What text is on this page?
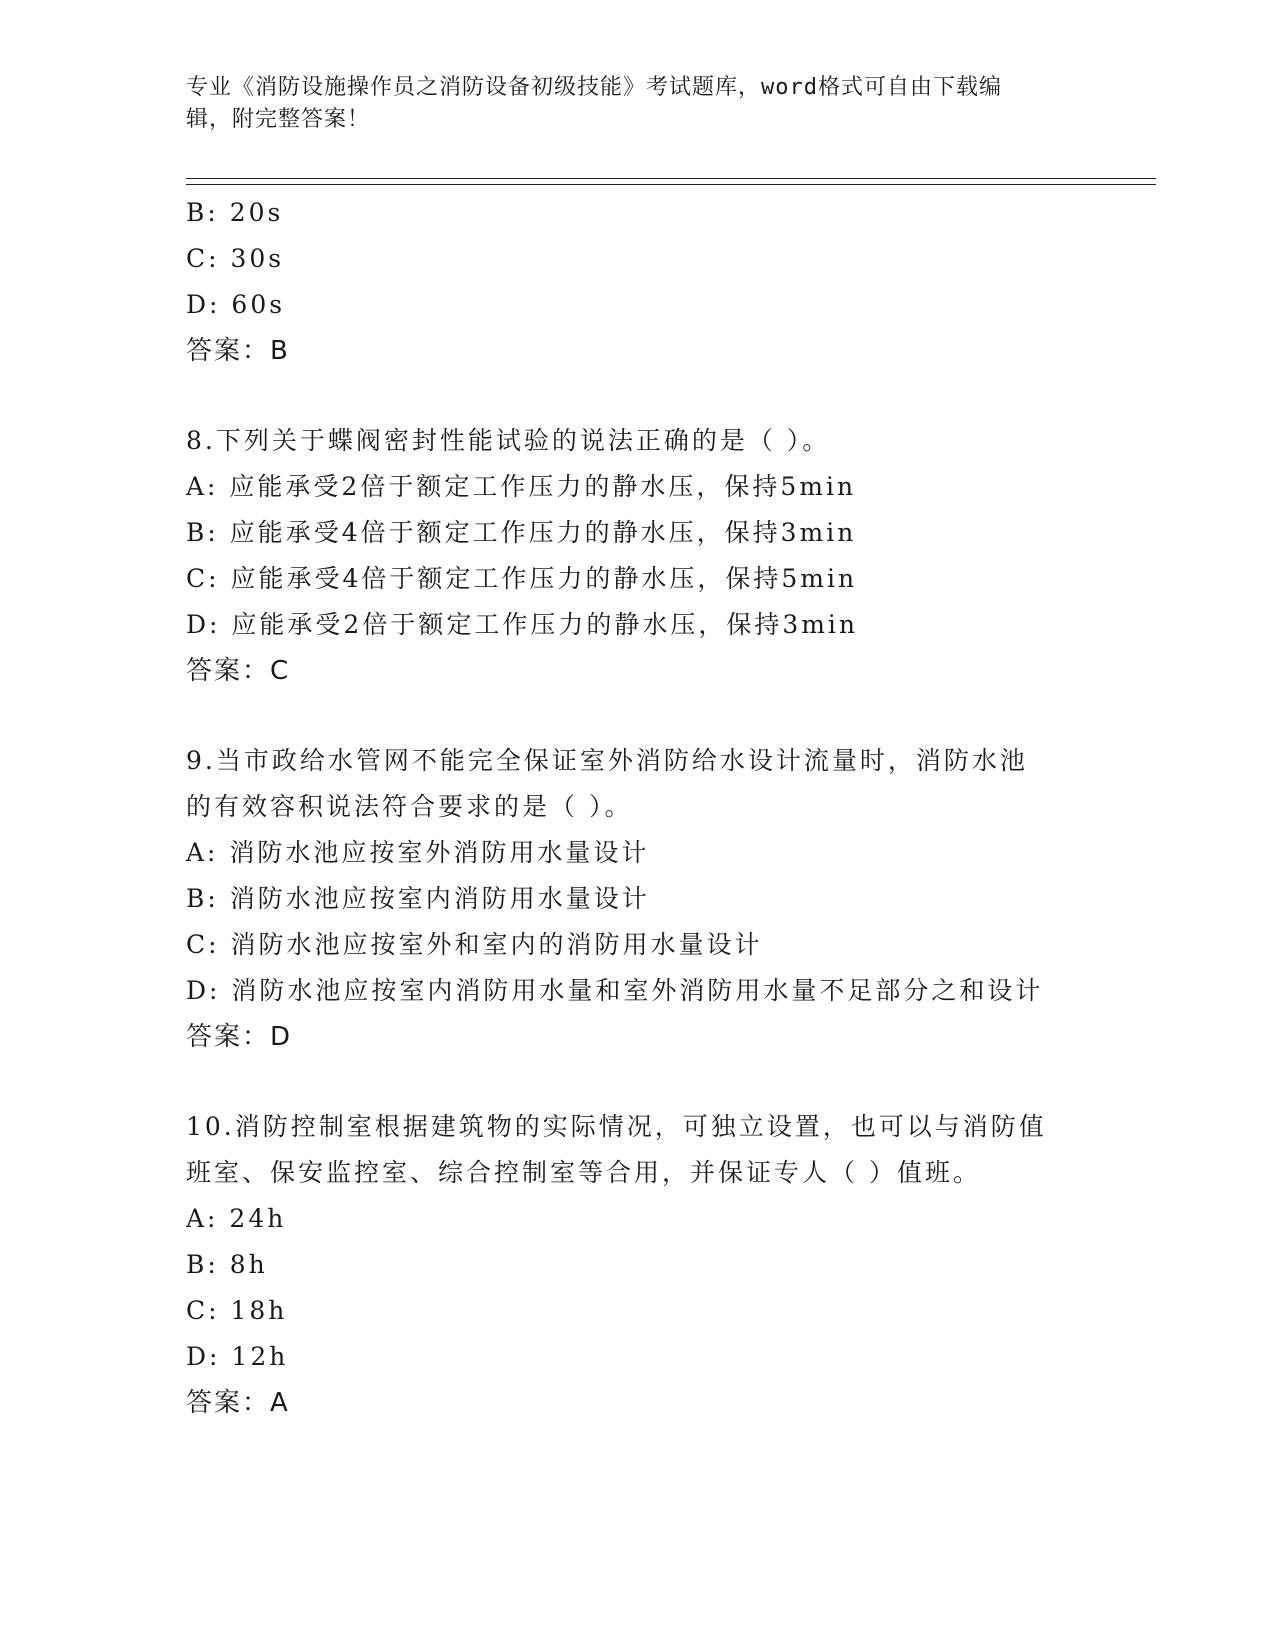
专业《消防设施操作员之消防设备初级技能》考试题库，word格式可自由下载编
辑，附完整答案！
B: 20s
C: 30s
D: 60s
答案：B
8.下列关于蝶阀密封性能试验的说法正确的是（ ）。
A: 应能承受2倍于额定工作压力的静水压，保持5min
B: 应能承受4倍于额定工作压力的静水压，保持3min
C: 应能承受4倍于额定工作压力的静水压，保持5min
D: 应能承受2倍于额定工作压力的静水压，保持3min
答案：C
9.当市政给水管网不能完全保证室外消防给水设计流量时，消防水池
的有效容积说法符合要求的是（ ）。
A: 消防水池应按室外消防用水量设计
B: 消防水池应按室内消防用水量设计
C: 消防水池应按室外和室内的消防用水量设计
D: 消防水池应按室内消防用水量和室外消防用水量不足部分之和设计
答案：D
10.消防控制室根据建筑物的实际情况，可独立设置，也可以与消防值
班室、保安监控室、综合控制室等合用，并保证专人（ ）值班。
A: 24h
B: 8h
C: 18h
D: 12h
答案：A
